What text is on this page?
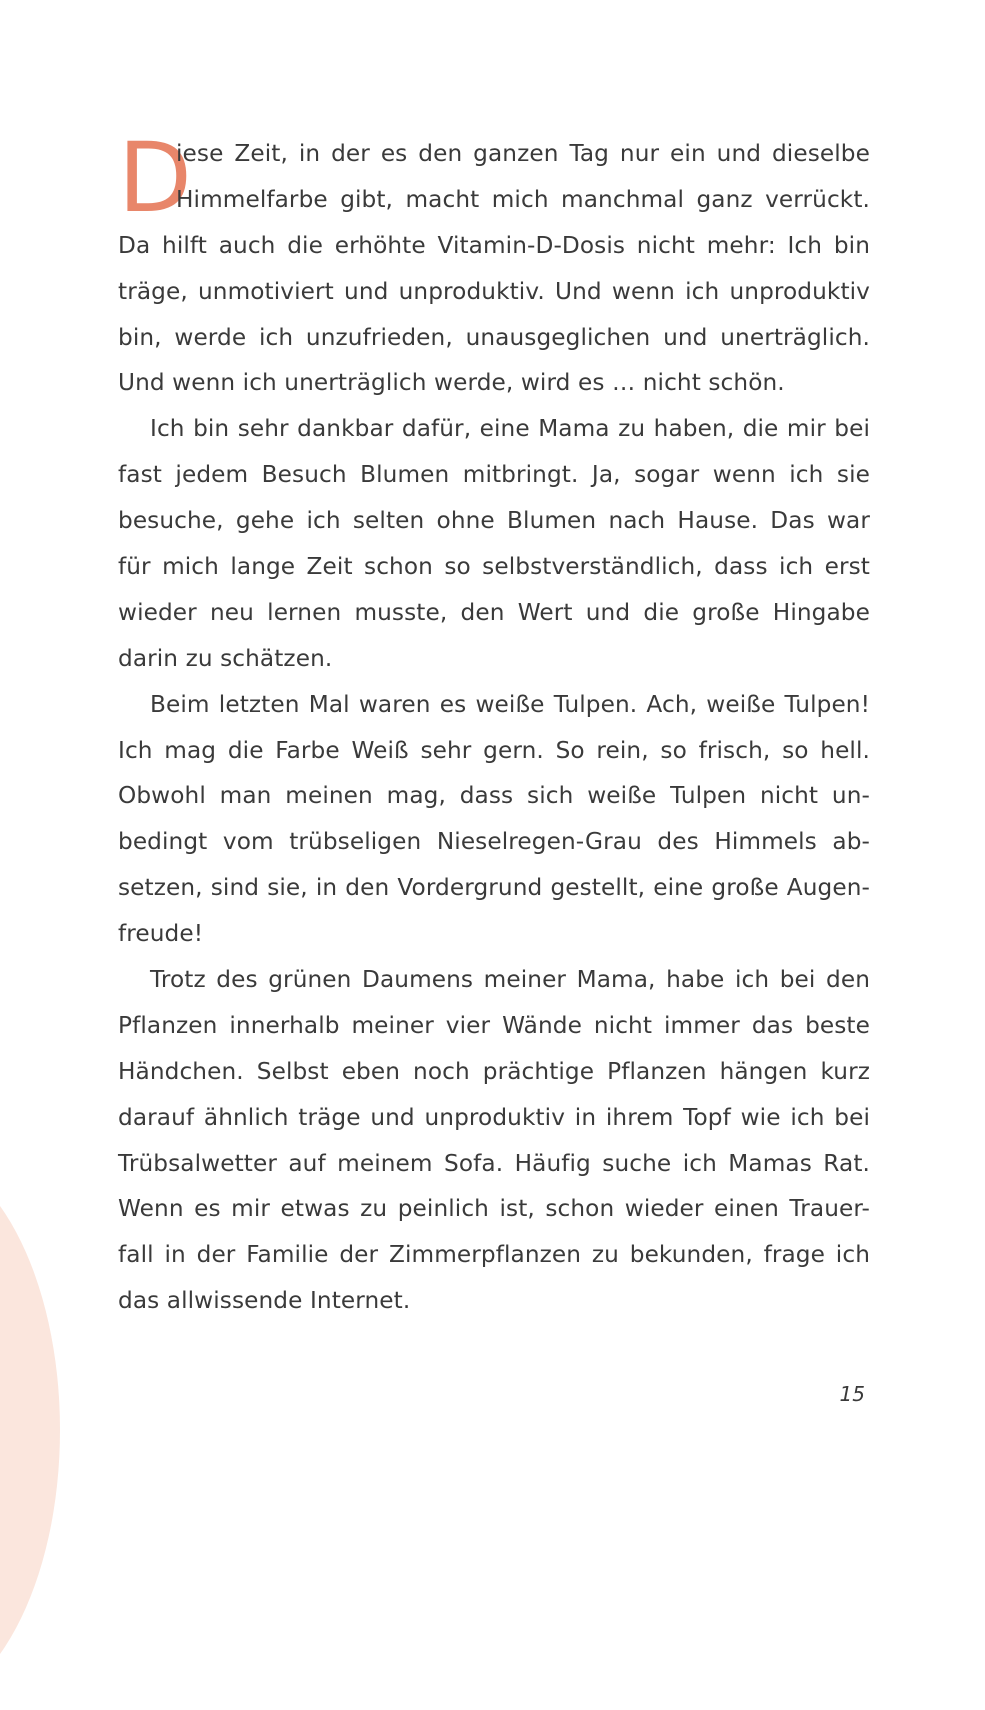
D
iese Zeit, in der es den ganzen Tag nur ein und dieselbe
Himmelfarbe gibt, macht mich manchmal ganz verrückt.
Da hilft auch die erhöhte Vitamin-D-Dosis nicht mehr: Ich bin
träge, unmotiviert und unproduktiv. Und wenn ich unproduktiv
bin, werde ich unzufrieden, unausgeglichen und unerträglich.
Und wenn ich unerträglich werde, wird es … nicht schön.
Ich bin sehr dankbar dafür, eine Mama zu haben, die mir bei
fast jedem Besuch Blumen mitbringt. Ja, sogar wenn ich sie
besuche, gehe ich selten ohne Blumen nach Hause. Das war
für mich lange Zeit schon so selbstverständlich, dass ich erst
wieder neu lernen musste, den Wert und die große Hingabe
darin zu schätzen.
Beim letzten Mal waren es weiße Tulpen. Ach, weiße Tulpen!
Ich mag die Farbe Weiß sehr gern. So rein, so frisch, so hell.
Obwohl man meinen mag, dass sich weiße Tulpen nicht un-
bedingt vom trübseligen Nieselregen-Grau des Himmels ab-
setzen, sind sie, in den Vordergrund gestellt, eine große Augen-
freude!
Trotz des grünen Daumens meiner Mama, habe ich bei den
Pflanzen innerhalb meiner vier Wände nicht immer das beste
Händchen. Selbst eben noch prächtige Pflanzen hängen kurz
darauf ähnlich träge und unproduktiv in ihrem Topf wie ich bei
Trübsalwetter auf meinem Sofa. Häufig suche ich Mamas Rat.
Wenn es mir etwas zu peinlich ist, schon wieder einen Trauer-
fall in der Familie der Zimmerpflanzen zu bekunden, frage ich
das allwissende Internet.
15
